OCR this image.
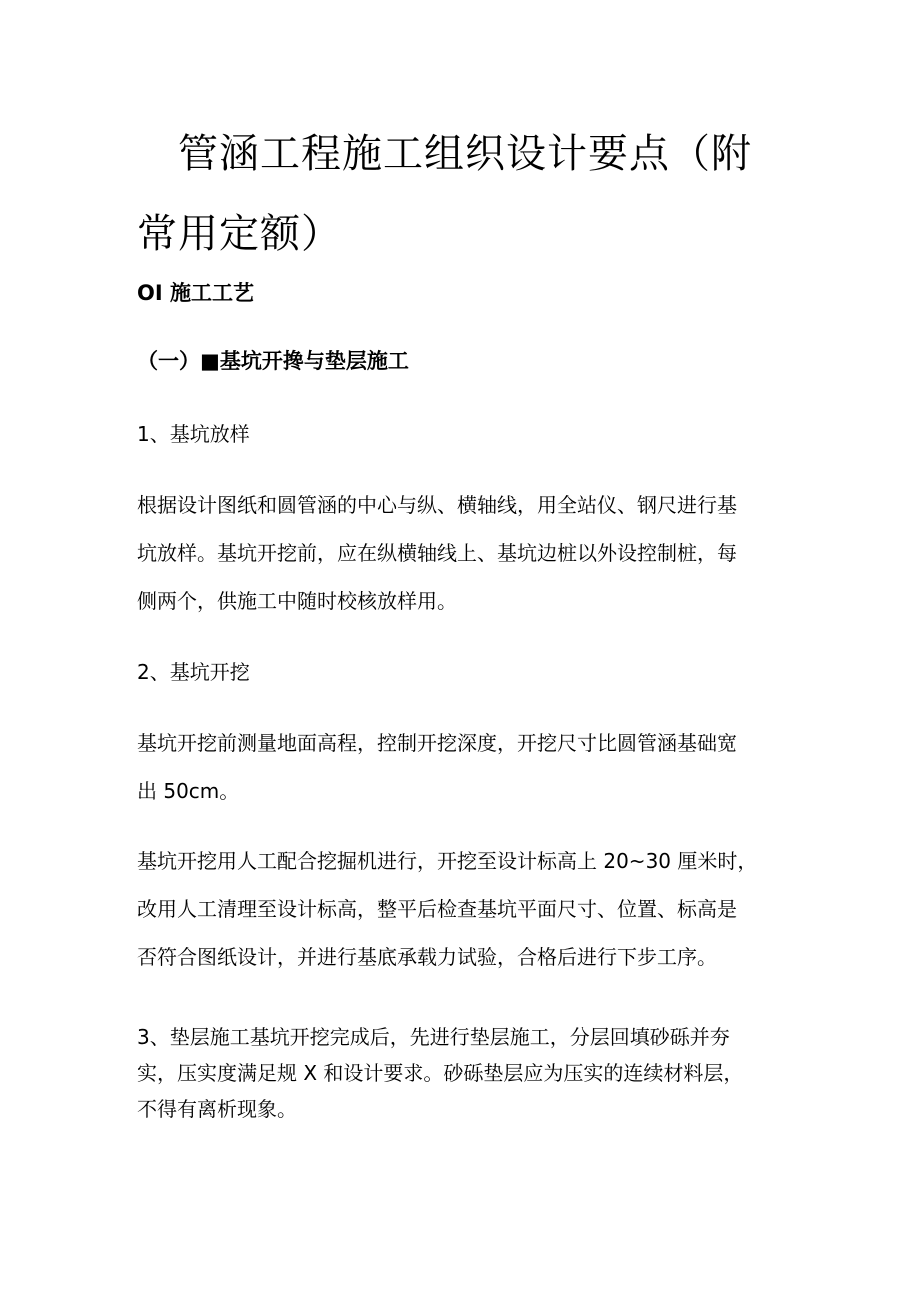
管涵工程施工组织设计要点（附
常用定额）
OI 施工工艺
（一）■基坑开搀与垫层施工
1、基坑放样
根据设计图纸和圆管涵的中心与纵、横轴线，用全站仪、钢尺进行基
坑放样。基坑开挖前，应在纵横轴线上、基坑边桩以外设控制桩，每
侧两个，供施工中随时校核放样用。
2、基坑开挖
基坑开挖前测量地面高程，控制开挖深度，开挖尺寸比圆管涵基础宽
出 50cm。
基坑开挖用人工配合挖掘机进行，开挖至设计标高上 20~30 厘米时，
改用人工清理至设计标高，整平后检查基坑平面尺寸、位置、标高是
否符合图纸设计，并进行基底承载力试验，合格后进行下步工序。
3、垫层施工基坑开挖完成后，先进行垫层施工，分层回填砂砾并夯
实，压实度满足规 X 和设计要求。砂砾垫层应为压实的连续材料层，
不得有离析现象。
